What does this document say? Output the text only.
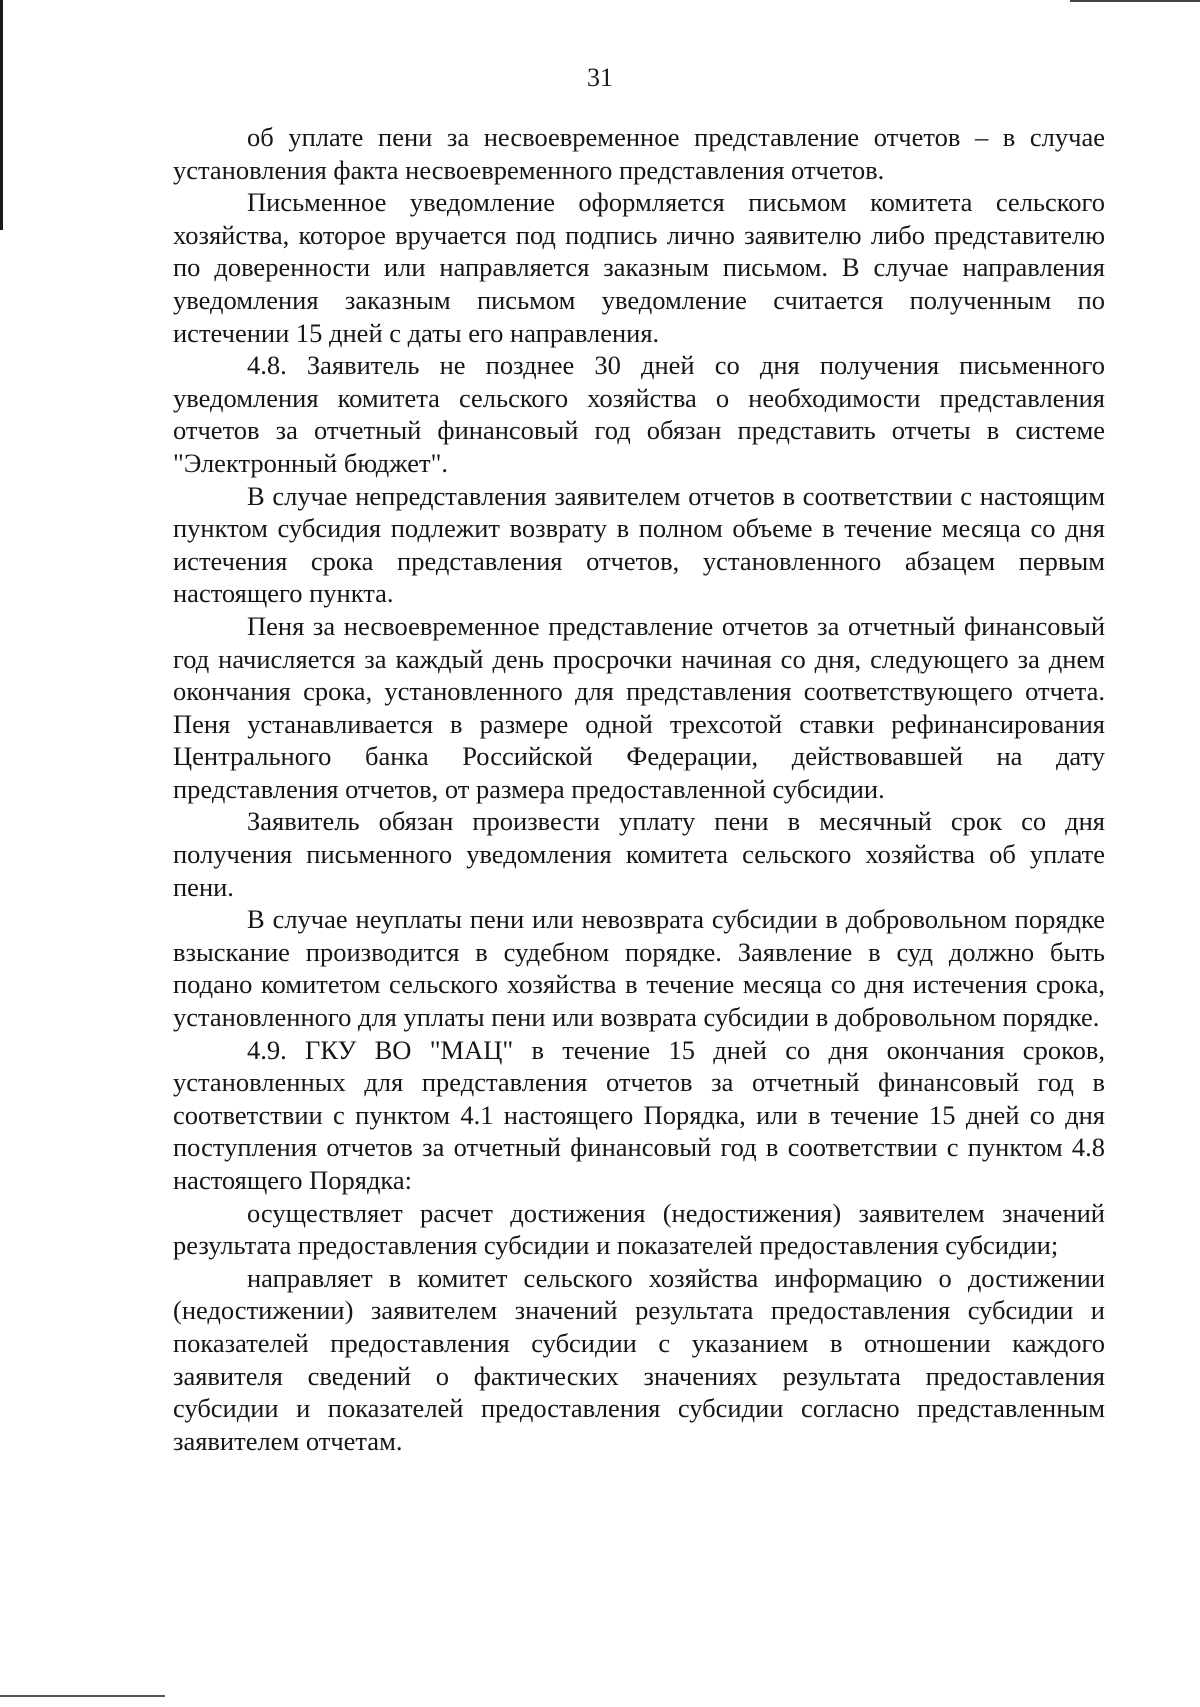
31

об уплате пени за несвоевременное представление отчетов – в случае установления факта несвоевременного представления отчетов.

Письменное уведомление оформляется письмом комитета сельского хозяйства, которое вручается под подпись лично заявителю либо представителю по доверенности или направляется заказным письмом. В случае направления уведомления заказным письмом уведомление считается полученным по истечении 15 дней с даты его направления.

4.8. Заявитель не позднее 30 дней со дня получения письменного уведомления комитета сельского хозяйства о необходимости представления отчетов за отчетный финансовый год обязан представить отчеты в системе "Электронный бюджет".

В случае непредставления заявителем отчетов в соответствии с настоящим пунктом субсидия подлежит возврату в полном объеме в течение месяца со дня истечения срока представления отчетов, установленного абзацем первым настоящего пункта.

Пеня за несвоевременное представление отчетов за отчетный финансовый год начисляется за каждый день просрочки начиная со дня, следующего за днем окончания срока, установленного для представления соответствующего отчета. Пеня устанавливается в размере одной трехсотой ставки рефинансирования Центрального банка Российской Федерации, действовавшей на дату представления отчетов, от размера предоставленной субсидии.

Заявитель обязан произвести уплату пени в месячный срок со дня получения письменного уведомления комитета сельского хозяйства об уплате пени.

В случае неуплаты пени или невозврата субсидии в добровольном порядке взыскание производится в судебном порядке. Заявление в суд должно быть подано комитетом сельского хозяйства в течение месяца со дня истечения срока, установленного для уплаты пени или возврата субсидии в добровольном порядке.

4.9. ГКУ ВО "МАЦ" в течение 15 дней со дня окончания сроков, установленных для представления отчетов за отчетный финансовый год в соответствии с пунктом 4.1 настоящего Порядка, или в течение 15 дней со дня поступления отчетов за отчетный финансовый год в соответствии с пунктом 4.8 настоящего Порядка:

осуществляет расчет достижения (недостижения) заявителем значений результата предоставления субсидии и показателей предоставления субсидии;

направляет в комитет сельского хозяйства информацию о достижении (недостижении) заявителем значений результата предоставления субсидии и показателей предоставления субсидии с указанием в отношении каждого заявителя сведений о фактических значениях результата предоставления субсидии и показателей предоставления субсидии согласно представленным заявителем отчетам.
